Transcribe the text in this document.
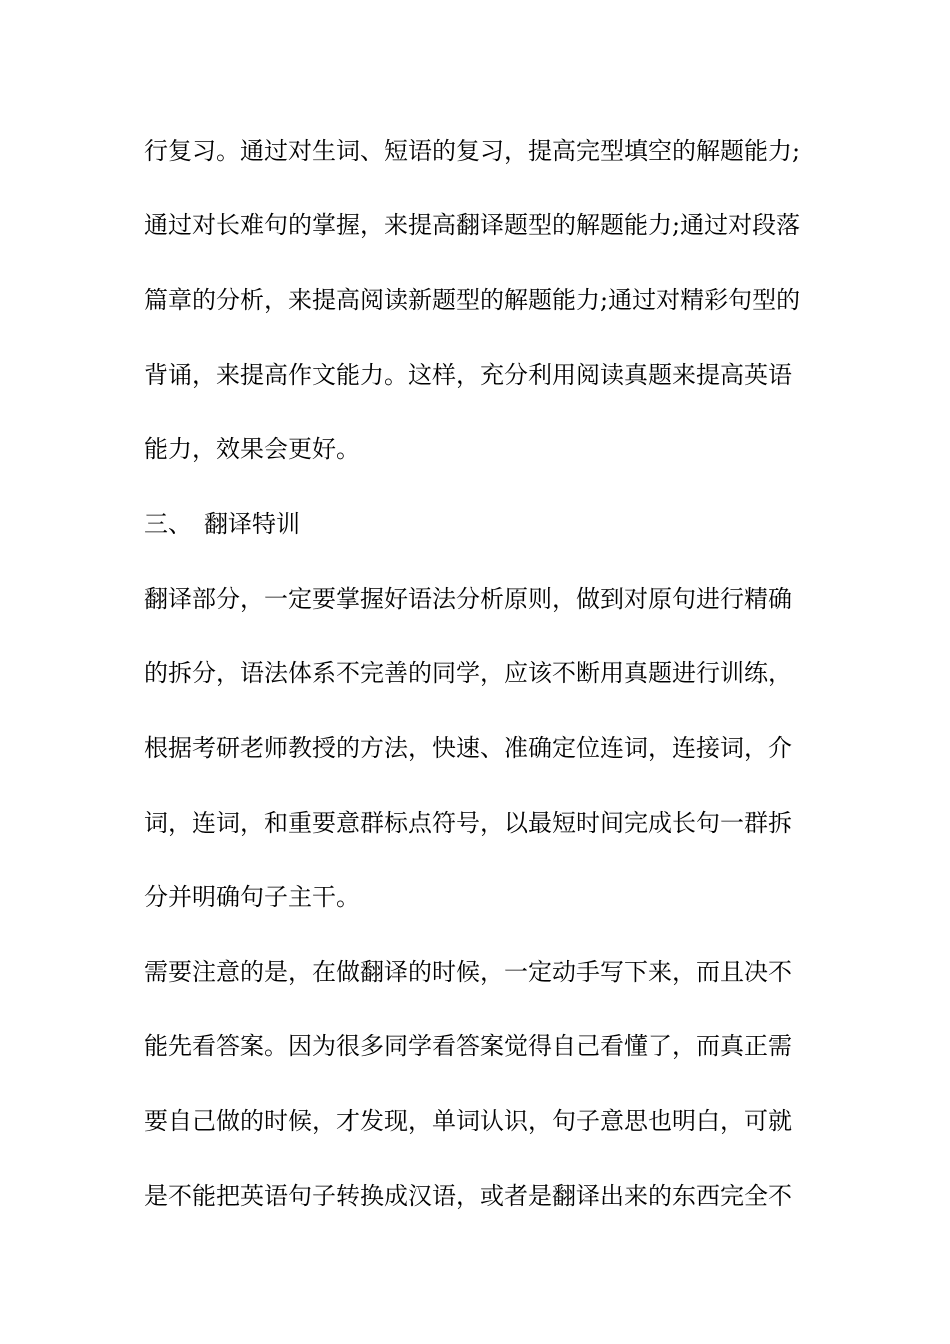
行复习。通过对生词、短语的复习，提高完型填空的解题能力;
通过对长难句的掌握，来提高翻译题型的解题能力;通过对段落
篇章的分析，来提高阅读新题型的解题能力;通过对精彩句型的
背诵，来提高作文能力。这样，充分利用阅读真题来提高英语
能力，效果会更好。
三、 翻译特训
翻译部分，一定要掌握好语法分析原则，做到对原句进行精确
的拆分，语法体系不完善的同学，应该不断用真题进行训练，
根据考研老师教授的方法，快速、准确定位连词，连接词，介
词，连词，和重要意群标点符号，以最短时间完成长句一群拆
分并明确句子主干。
需要注意的是，在做翻译的时候，一定动手写下来，而且决不
能先看答案。因为很多同学看答案觉得自己看懂了，而真正需
要自己做的时候，才发现，单词认识，句子意思也明白，可就
是不能把英语句子转换成汉语，或者是翻译出来的东西完全不
